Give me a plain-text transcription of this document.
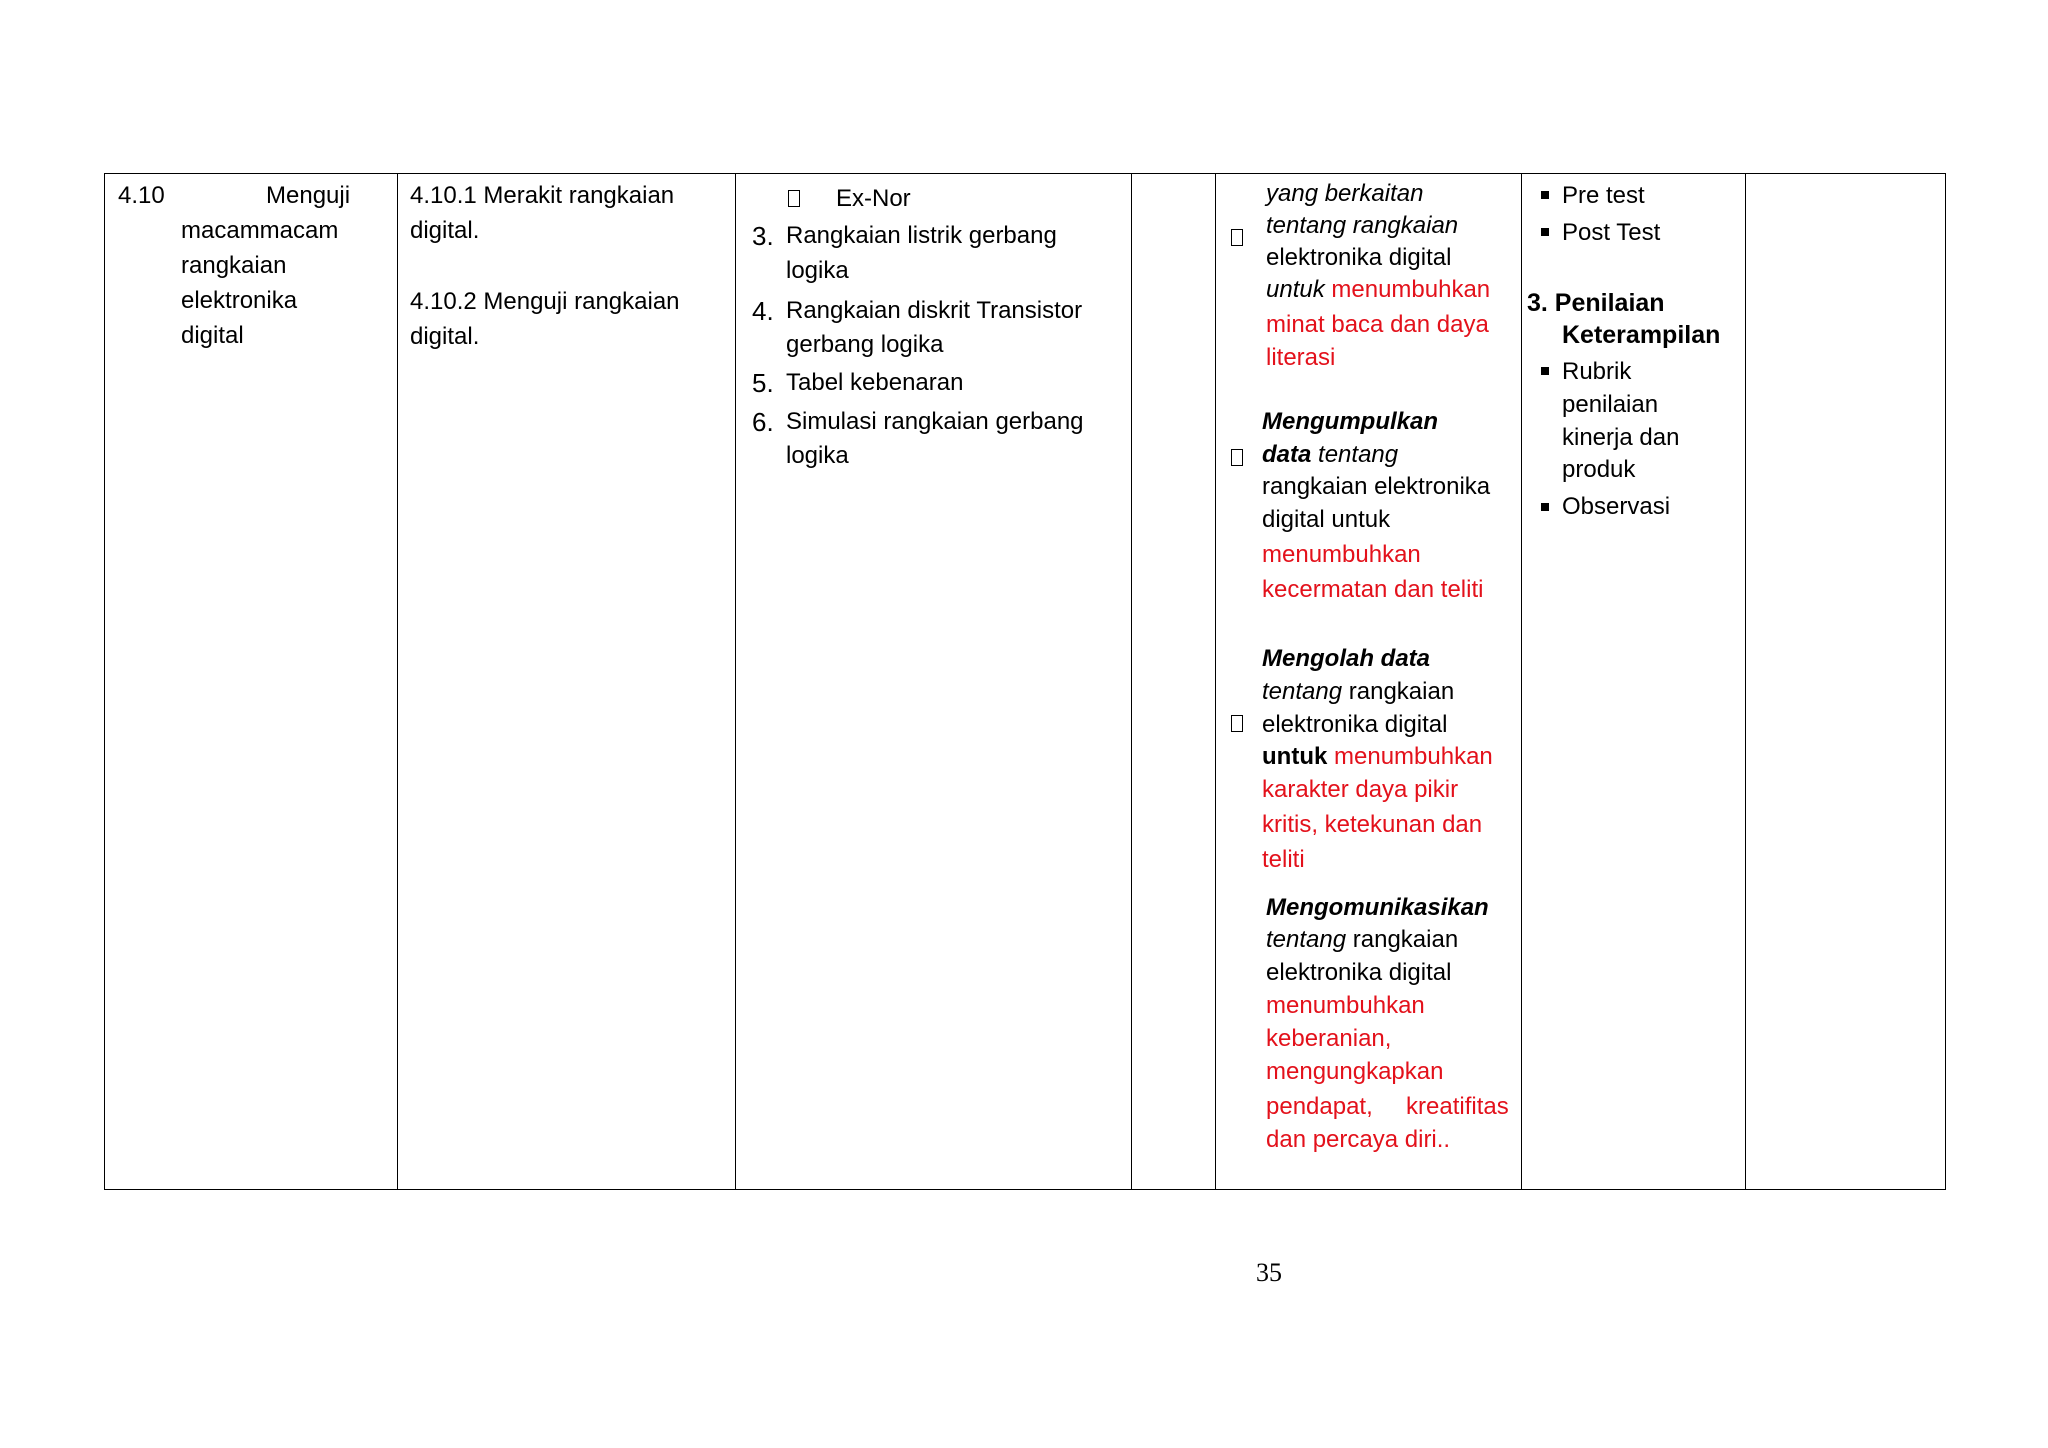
4.10	Menguji
macammacam
rangkaian
elektronika
digital
4.10.1 Merakit rangkaian
digital.
4.10.2 Menguji rangkaian
digital.
Ex-Nor
3. Rangkaian listrik gerbang
logika
4. Rangkaian diskrit Transistor
gerbang logika
5. Tabel kebenaran
6. Simulasi rangkaian gerbang
logika
yang berkaitan
tentang rangkaian
elektronika digital
untuk menumbuhkan
minat baca dan daya
literasi
Mengumpulkan
data tentang
rangkaian elektronika
digital untuk
menumbuhkan
kecermatan dan teliti
Mengolah data
tentang rangkaian
elektronika digital
untuk menumbuhkan
karakter daya pikir
kritis, ketekunan dan
teliti
Mengomunikasikan
tentang rangkaian
elektronika digital
menumbuhkan
keberanian,
mengungkapkan
pendapat, kreatifitas
dan percaya diri..
Pre test
Post Test
3. Penilaian
Keterampilan
Rubrik
penilaian
kinerja dan
produk
Observasi
35
